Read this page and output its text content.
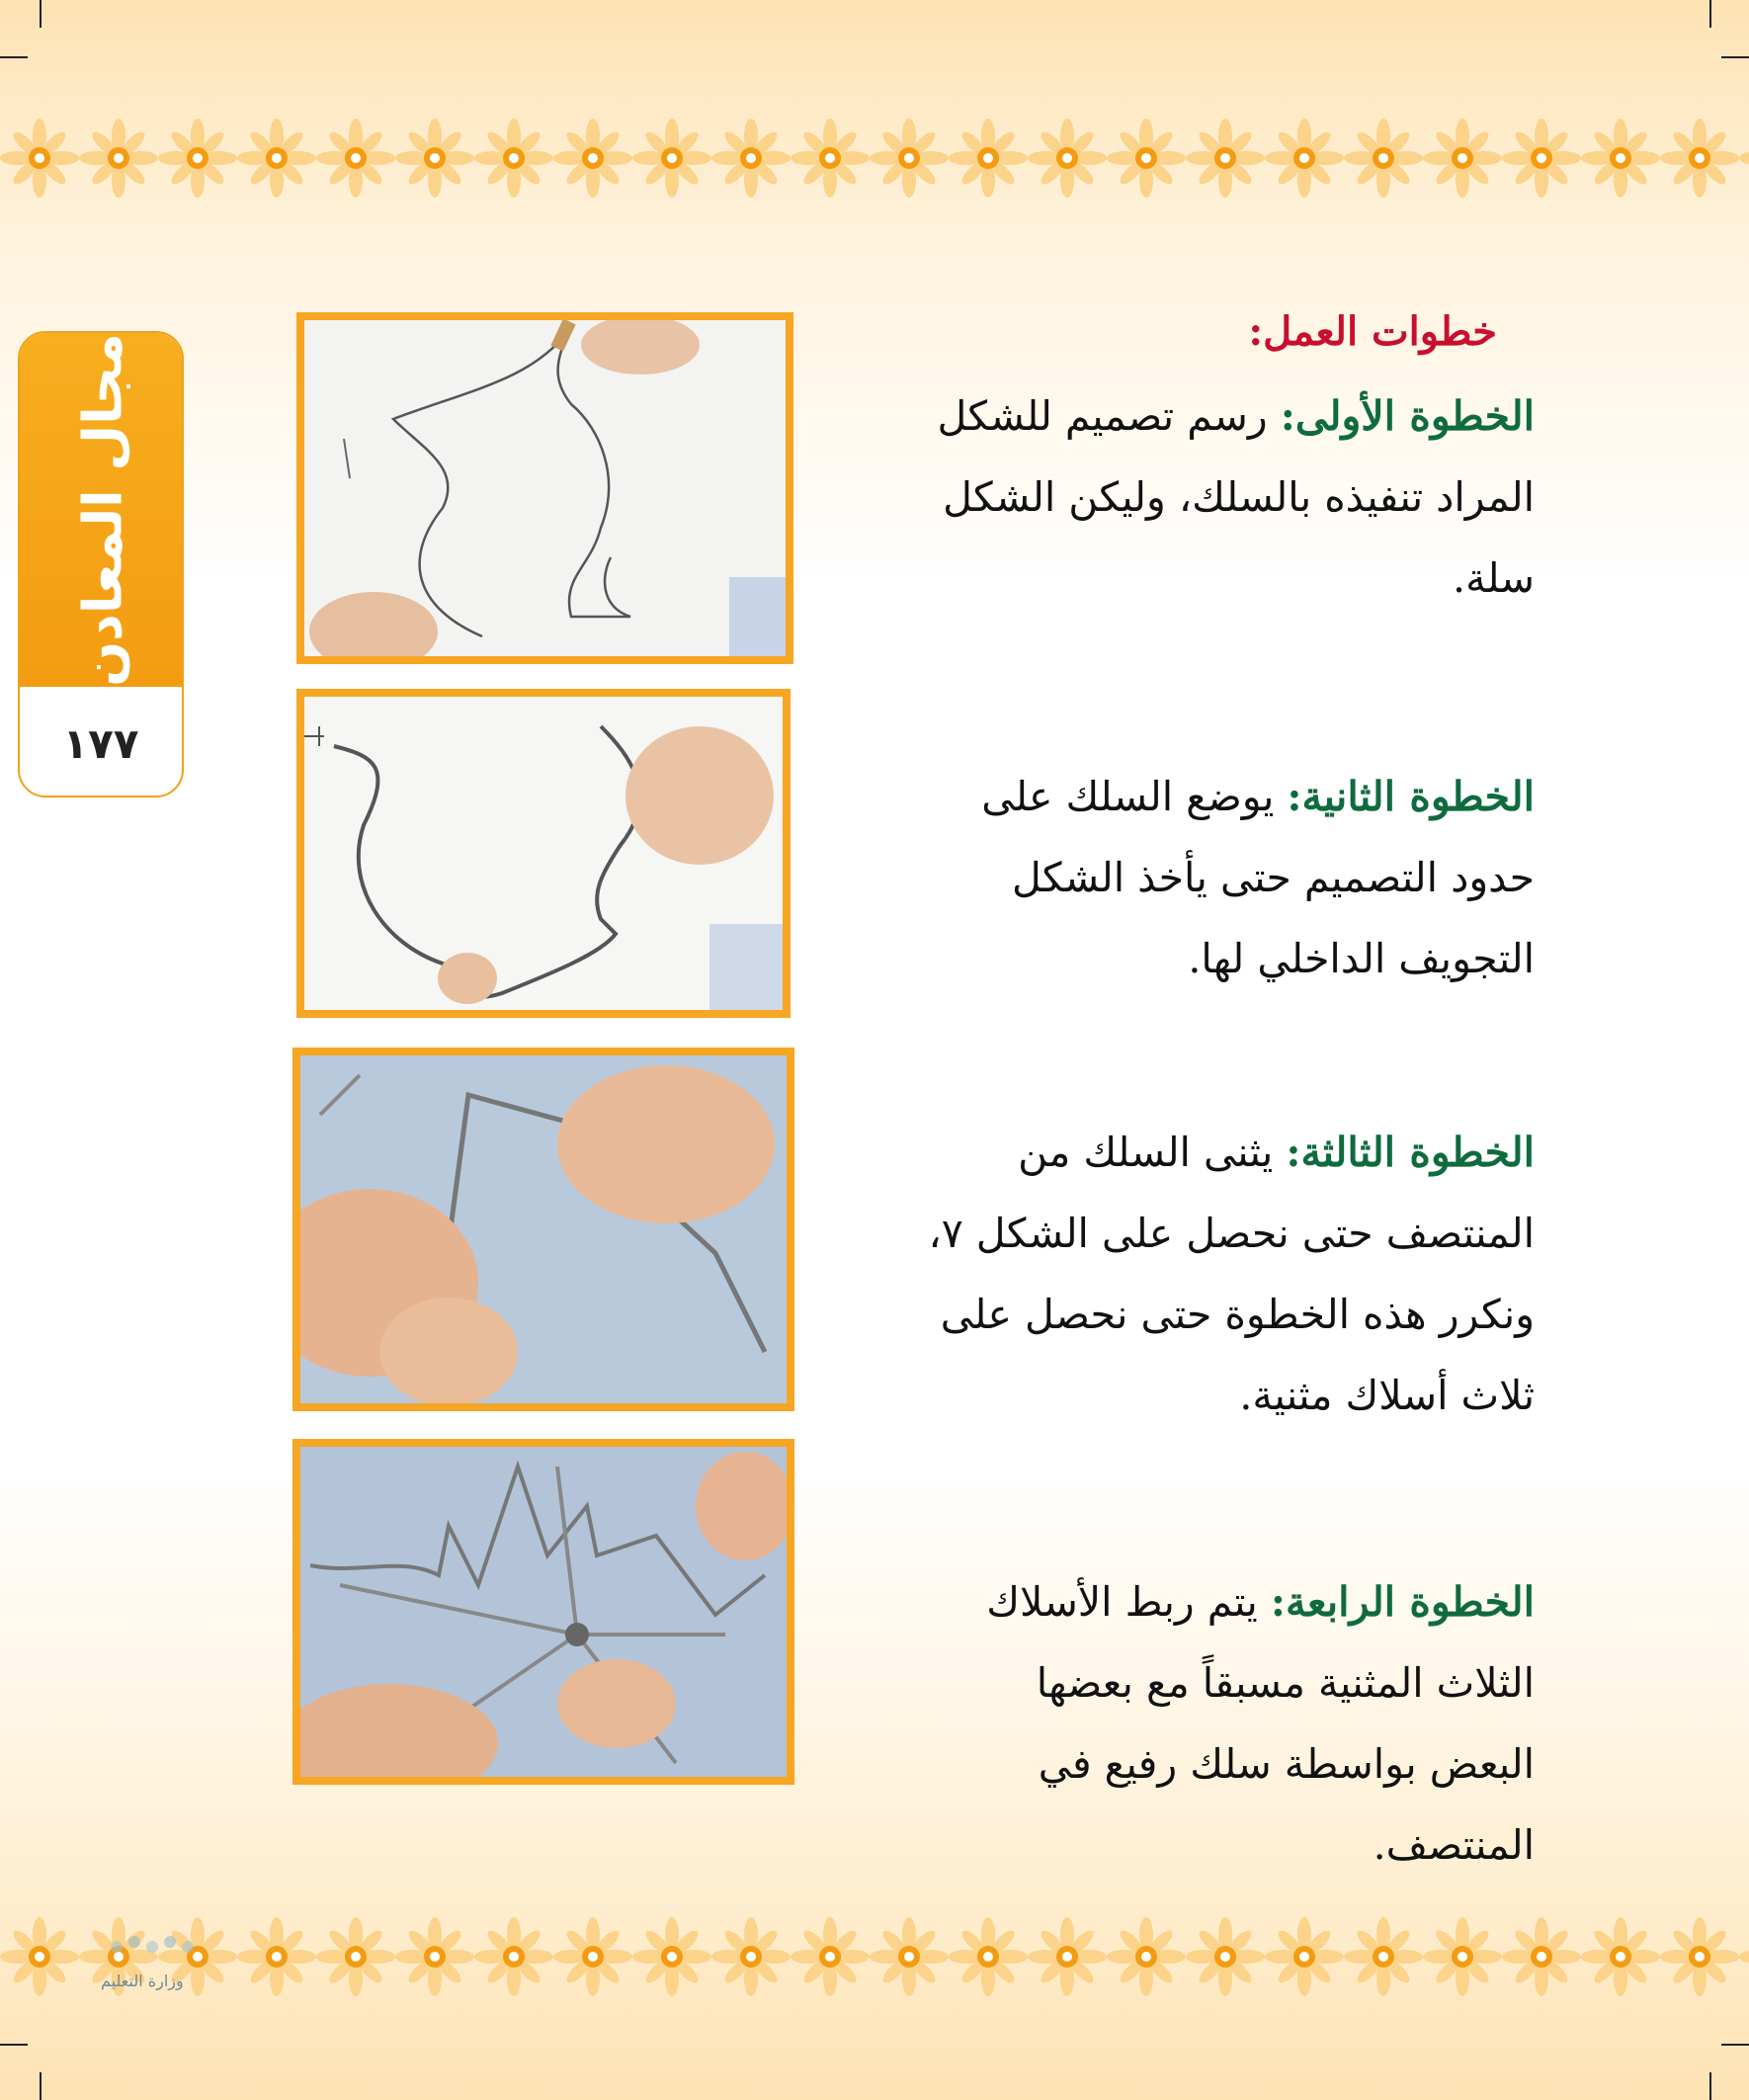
مجال المعادن
١٧٧
خطوات العمل:

الخطوة الأولى: رسم تصميم للشكل المراد تنفيذه بالسلك، وليكن الشكل سلة.

الخطوة الثانية: يوضع السلك على حدود التصميم حتى يأخذ الشكل التجويف الداخلي لها.

الخطوة الثالثة: يثنى السلك من المنتصف حتى نحصل على الشكل ٧، ونكرر هذه الخطوة حتى نحصل على ثلاث أسلاك مثنية.

الخطوة الرابعة: يتم ربط الأسلاك الثلاث المثنية مسبقاً مع بعضها البعض بواسطة سلك رفيع في المنتصف.

وزارة التعليم
